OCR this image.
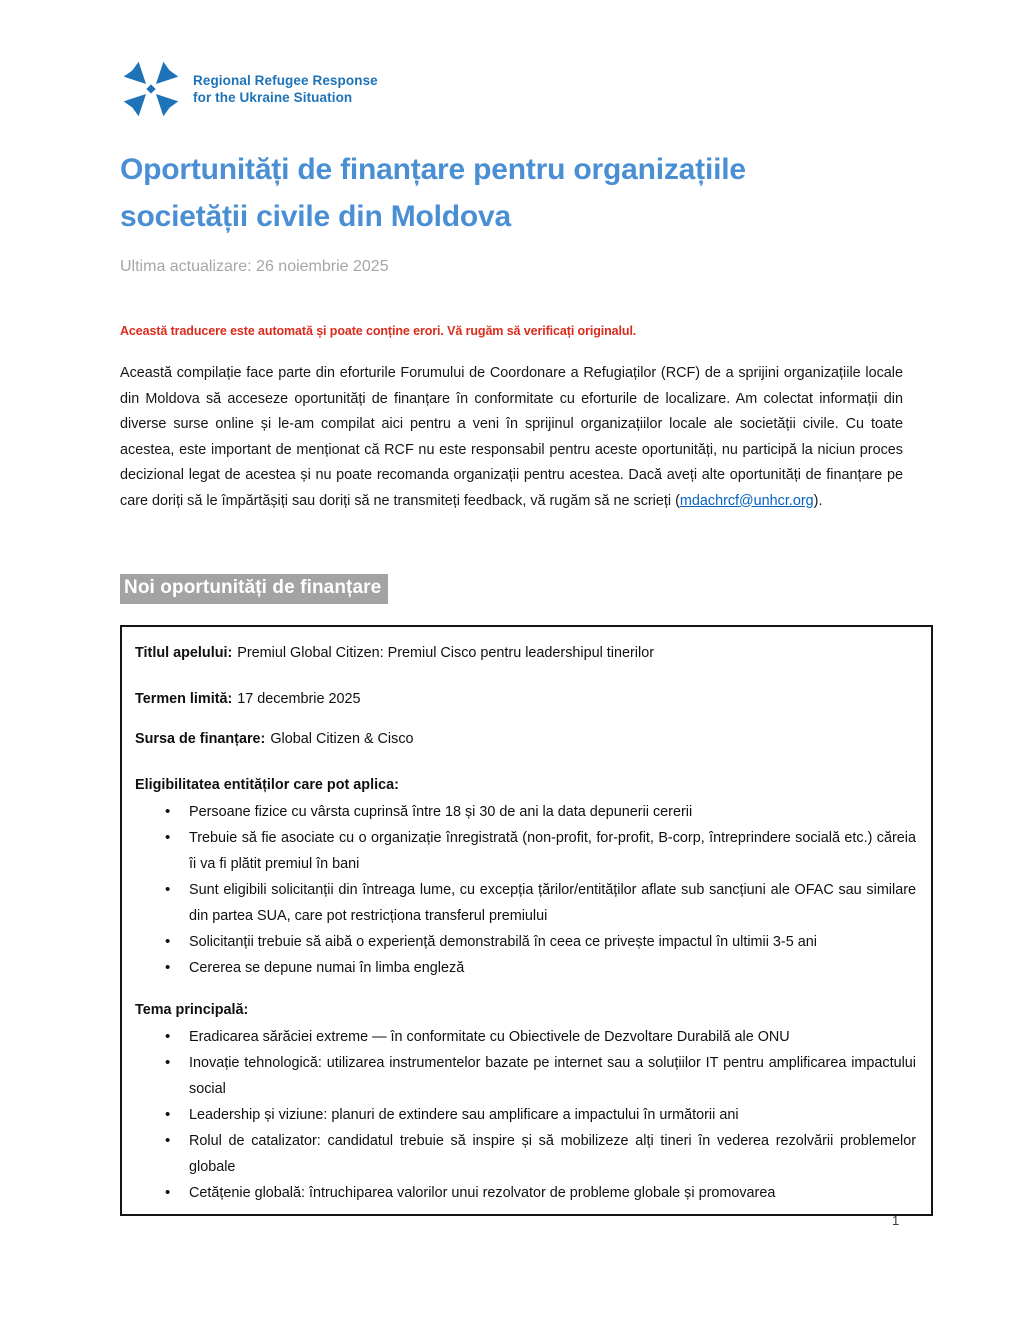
Regional Refugee Response
for the Ukraine Situation
Oportunități de finanțare pentru organizațiile societății civile din Moldova
Ultima actualizare: 26 noiembrie 2025
Această traducere este automată și poate conține erori. Vă rugăm să verificați originalul.

Această compilație face parte din eforturile Forumului de Coordonare a Refugiaților (RCF) de a sprijini organizațiile locale din Moldova să acceseze oportunități de finanțare în conformitate cu eforturile de localizare. Am colectat informații din diverse surse online și le-am compilat aici pentru a veni în sprijinul organizațiilor locale ale societății civile. Cu toate acestea, este important de menționat că RCF nu este responsabil pentru aceste oportunități, nu participă la niciun proces decizional legat de acestea și nu poate recomanda organizații pentru acestea. Dacă aveți alte oportunități de finanțare pe care doriți să le împărtășiți sau doriți să ne transmiteți feedback, vă rugăm să ne scrieți (mdachrcf@unhcr.org).

Noi oportunități de finanțare

Titlul apelului: Premiul Global Citizen: Premiul Cisco pentru leadershipul tinerilor

Termen limită: 17 decembrie 2025

Sursa de finanțare: Global Citizen & Cisco

Eligibilitatea entităților care pot aplica:

• Persoane fizice cu vârsta cuprinsă între 18 și 30 de ani la data depunerii cererii
• Trebuie să fie asociate cu o organizație înregistrată (non-profit, for-profit, B-corp, întreprindere socială etc.) căreia îi va fi plătit premiul în bani
• Sunt eligibili solicitanții din întreaga lume, cu excepția țărilor/entităților aflate sub sancțiuni ale OFAC sau similare din partea SUA, care pot restricționa transferul premiului
• Solicitanții trebuie să aibă o experiență demonstrabilă în ceea ce privește impactul în ultimii 3-5 ani
• Cererea se depune numai în limba engleză

Tema principală:

• Eradicarea sărăciei extreme — în conformitate cu Obiectivele de Dezvoltare Durabilă ale ONU
• Inovație tehnologică: utilizarea instrumentelor bazate pe internet sau a soluțiilor IT pentru amplificarea impactului social
• Leadership și viziune: planuri de extindere sau amplificare a impactului în următorii ani
• Rolul de catalizator: candidatul trebuie să inspire și să mobilizeze alți tineri în vederea rezolvării problemelor globale
• Cetățenie globală: întruchiparea valorilor unui rezolvator de probleme globale și promovarea
1
